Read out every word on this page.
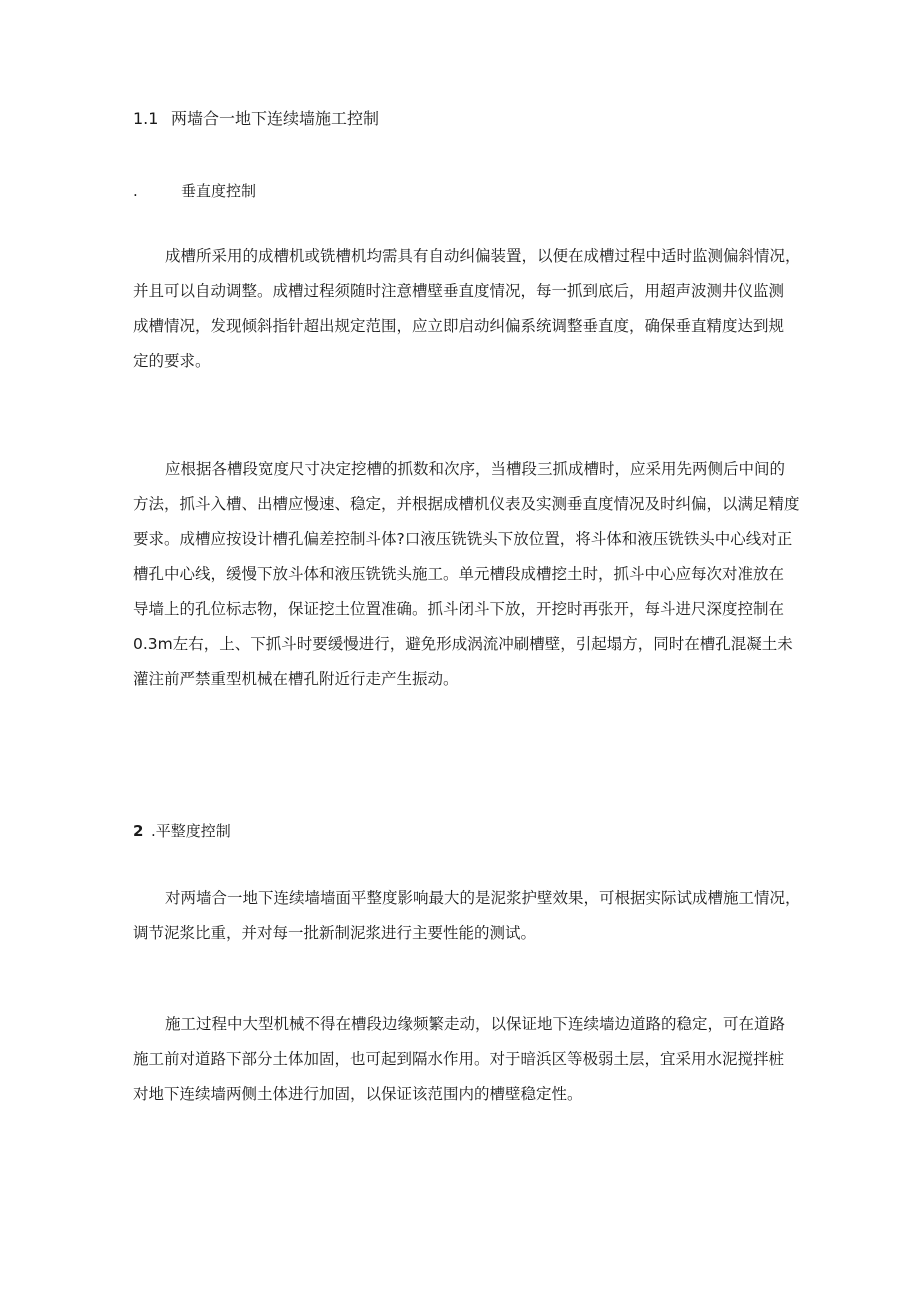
1.1 两墙合一地下连续墙施工控制
.	垂直度控制

成槽所采用的成槽机或铣槽机均需具有自动纠偏装置，以便在成槽过程中适时监测偏斜情况，
并且可以自动调整。成槽过程须随时注意槽壁垂直度情况，每一抓到底后，用超声波测井仪监测
成槽情况，发现倾斜指针超出规定范围，应立即启动纠偏系统调整垂直度，确保垂直精度达到规
定的要求。

应根据各槽段宽度尺寸决定挖槽的抓数和次序，当槽段三抓成槽时，应采用先两侧后中间的
方法，抓斗入槽、出槽应慢速、稳定，并根据成槽机仪表及实测垂直度情况及时纠偏，以满足精度
要求。成槽应按设计槽孔偏差控制斗体?口液压铣铣头下放位置，将斗体和液压铣铁头中心线对正
槽孔中心线，缓慢下放斗体和液压铣铣头施工。单元槽段成槽挖土时，抓斗中心应每次对准放在
导墙上的孔位标志物，保证挖土位置准确。抓斗闭斗下放，开挖时再张开，每斗进尺深度控制在
0.3m左右，上、下抓斗时要缓慢进行，避免形成涡流冲刷槽壁，引起塌方，同时在槽孔混凝土未
灌注前严禁重型机械在槽孔附近行走产生振动。

2 .平整度控制

对两墙合一地下连续墙墙面平整度影响最大的是泥浆护壁效果，可根据实际试成槽施工情况，
调节泥浆比重，并对每一批新制泥浆进行主要性能的测试。

施工过程中大型机械不得在槽段边缘频繁走动，以保证地下连续墙边道路的稳定，可在道路
施工前对道路下部分土体加固，也可起到隔水作用。对于暗浜区等极弱土层，宜采用水泥搅拌桩
对地下连续墙两侧土体进行加固，以保证该范围内的槽壁稳定性。
